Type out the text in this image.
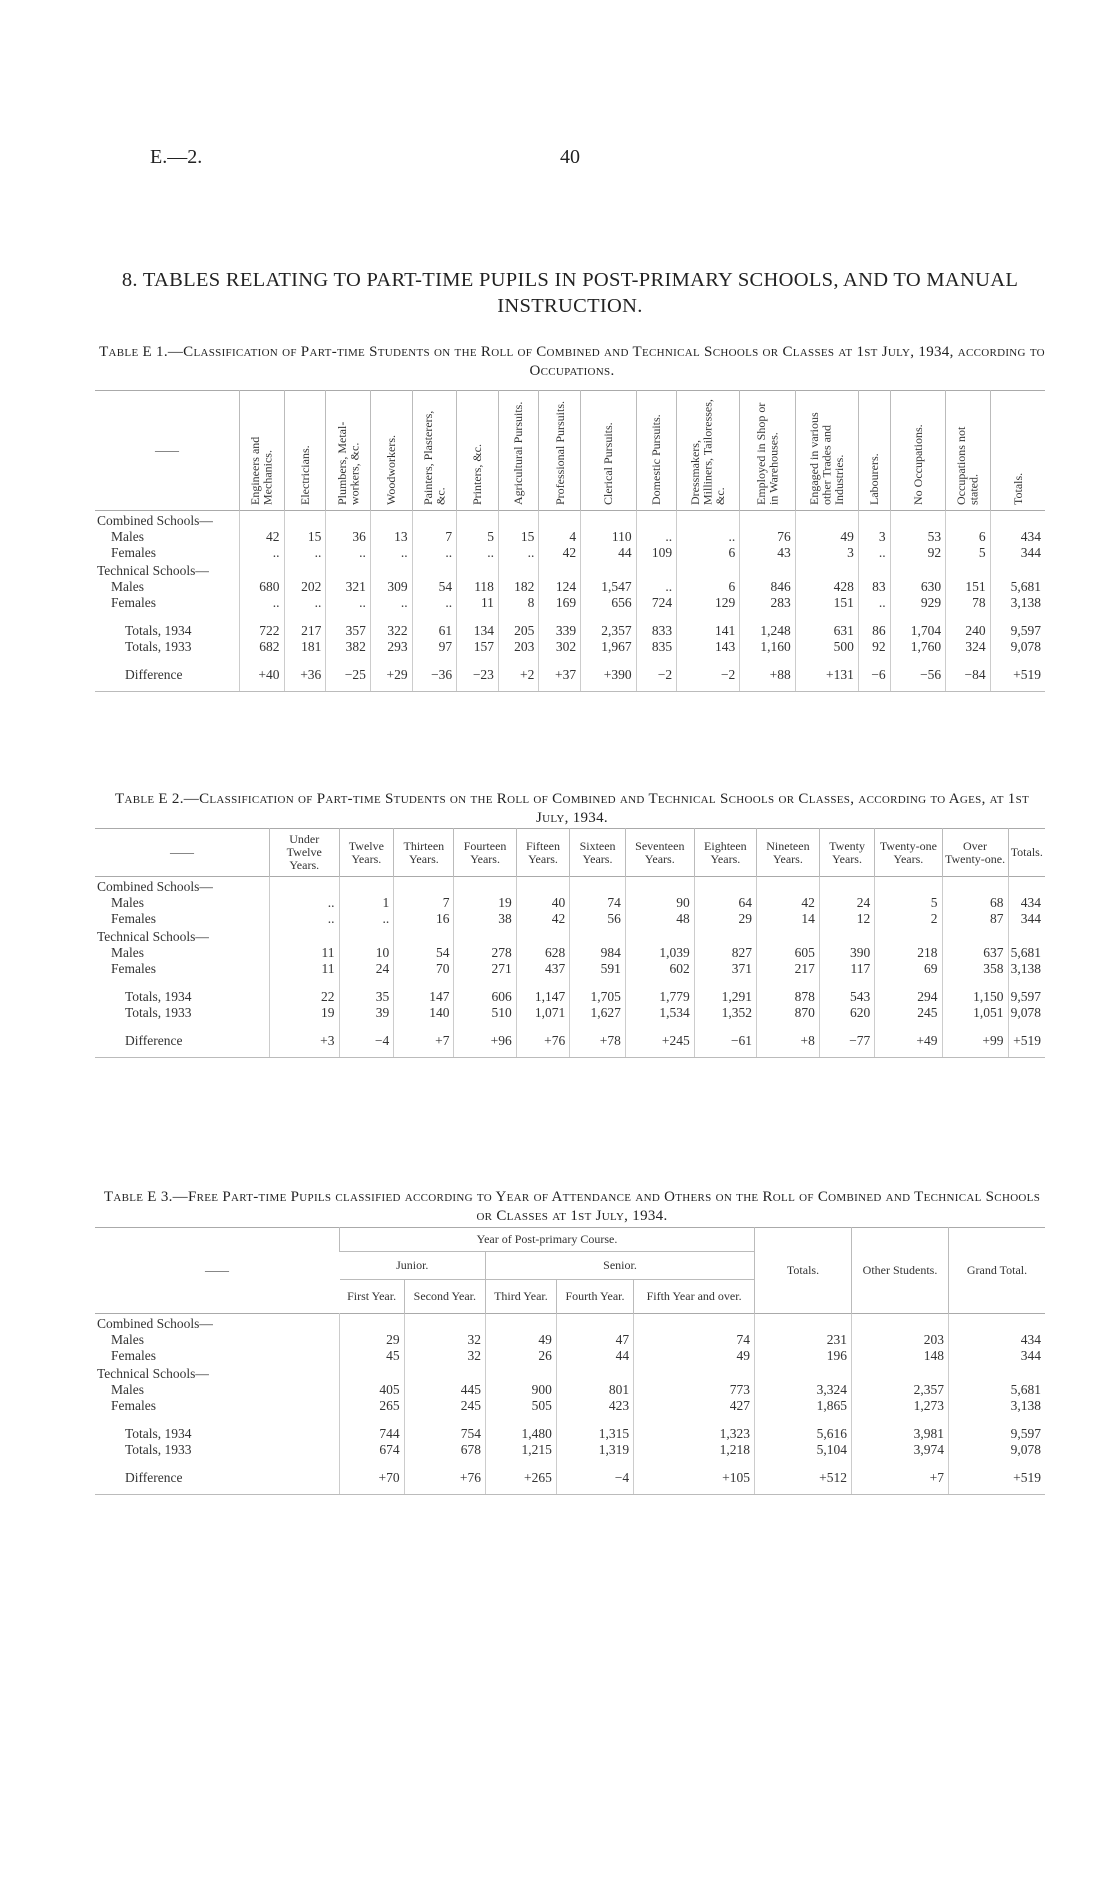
E.—2.	40
8. TABLES RELATING TO PART-TIME PUPILS IN POST-PRIMARY SCHOOLS, AND TO MANUAL INSTRUCTION.
Table E 1.—Classification of Part-time Students on the Roll of Combined and Technical Schools or Classes at 1st July, 1934, according to Occupations.
——	Engineers and Mechanics.	Electricians.	Plumbers, Metal-workers, &c.	Woodworkers.	Painters, Plasterers, &c.	Printers, &c.	Agricultural Pursuits.	Professional Pursuits.	Clerical Pursuits.	Domestic Pursuits.	Dressmakers, Milliners, Tailoresses, &c.	Employed in Shop or in Warehouses.	Engaged in various other Trades and Industries.	Labourers.	No Occupations.	Occupations not stated.	Totals.

Combined Schools—																	
Males	42	15	36	13	7	5	15	4	110	..	..	76	49	3	53	6	434
Females	..	..	..	..	..	..	..	42	44	109	6	43	3	..	92	5	344
Technical Schools—																	
Males	680	202	321	309	54	118	182	124	1,547	..	6	846	428	83	630	151	5,681
Females	..	..	..	..	..	11	8	169	656	724	129	283	151	..	929	78	3,138

Totals, 1934	722	217	357	322	61	134	205	339	2,357	833	141	1,248	631	86	1,704	240	9,597
Totals, 1933	682	181	382	293	97	157	203	302	1,967	835	143	1,160	500	92	1,760	324	9,078

Difference	+40	+36	−25	+29	−36	−23	+2	+37	+390	−2	−2	+88	+131	−6	−56	−84	+519
Table E 2.—Classification of Part-time Students on the Roll of Combined and Technical Schools or Classes, according to Ages, at 1st July, 1934.
——	Under Twelve Years.	Twelve Years.	Thirteen Years.	Fourteen Years.	Fifteen Years.	Sixteen Years.	Seventeen Years.	Eighteen Years.	Nineteen Years.	Twenty Years.	Twenty-one Years.	Over Twenty-one.	Totals.
Combined Schools—													
Males	..	1	7	19	40	74	90	64	42	24	5	68	434
Females	..	..	16	38	42	56	48	29	14	12	2	87	344
Technical Schools—													
Males	11	10	54	278	628	984	1,039	827	605	390	218	637	5,681
Females	11	24	70	271	437	591	602	371	217	117	69	358	3,138

Totals, 1934	22	35	147	606	1,147	1,705	1,779	1,291	878	543	294	1,150	9,597
Totals, 1933	19	39	140	510	1,071	1,627	1,534	1,352	870	620	245	1,051	9,078

Difference	+3	−4	+7	+96	+76	+78	+245	−61	+8	−77	+49	+99	+519
Table E 3.—Free Part-time Pupils classified according to Year of Attendance and Others on the Roll of Combined and Technical Schools or Classes at 1st July, 1934.
——	Year of Post-primary Course.					Totals.	Other Students.	Grand Total.
	Junior.		Senior.					
	First Year.	Second Year.	Third Year.	Fourth Year.	Fifth Year and over.			
Combined Schools—								
Males	29	32	49	47	74	231	203	434
Females	45	32	26	44	49	196	148	344
Technical Schools—								
Males	405	445	900	801	773	3,324	2,357	5,681
Females	265	245	505	423	427	1,865	1,273	3,138

Totals, 1934	744	754	1,480	1,315	1,323	5,616	3,981	9,597
Totals, 1933	674	678	1,215	1,319	1,218	5,104	3,974	9,078

Difference	+70	+76	+265	−4	+105	+512	+7	+519
